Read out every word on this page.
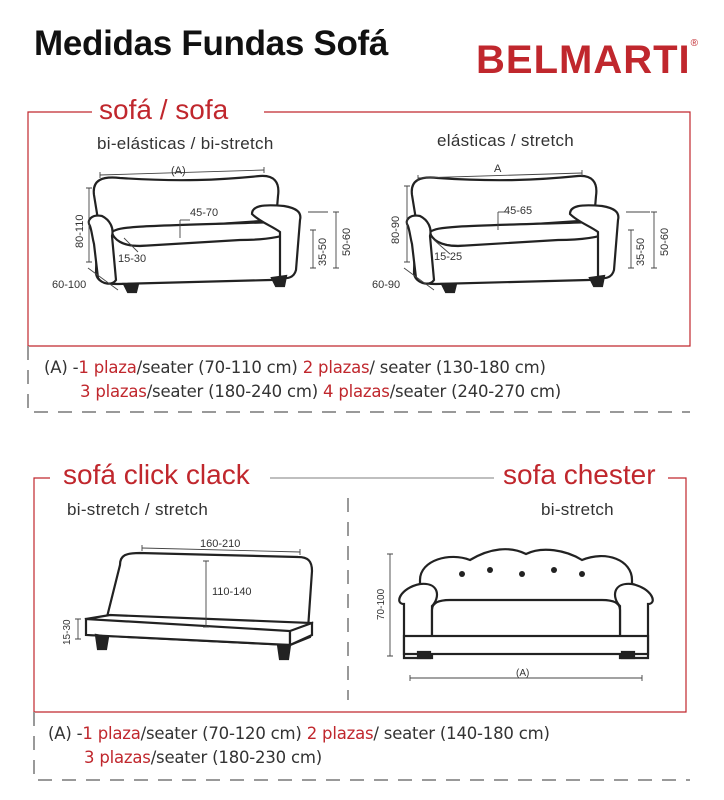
Medidas Fundas Sofá BELMARTI®
sofá / sofa
sofá click clack	sofa chester
bi-elásticas / bi-stretch	elásticas / stretch
bi-stretch / stretch	bi-stretch
(A)
80-110
45-70
15-30	35-50 50-60
60-100
A
80-90
45-65
15-25	35-50 50-60
60-90
(A) -1 plaza/seater (70-110 cm) 2 plazas/ seater (130-180 cm)
3 plazas/seater (180-240 cm) 4 plazas/seater (240-270 cm)
160-210
110-140
15-30
70-100
(A)
(A) -1 plaza/seater (70-120 cm) 2 plazas/ seater (140-180 cm)
3 plazas/seater (180-230 cm)
